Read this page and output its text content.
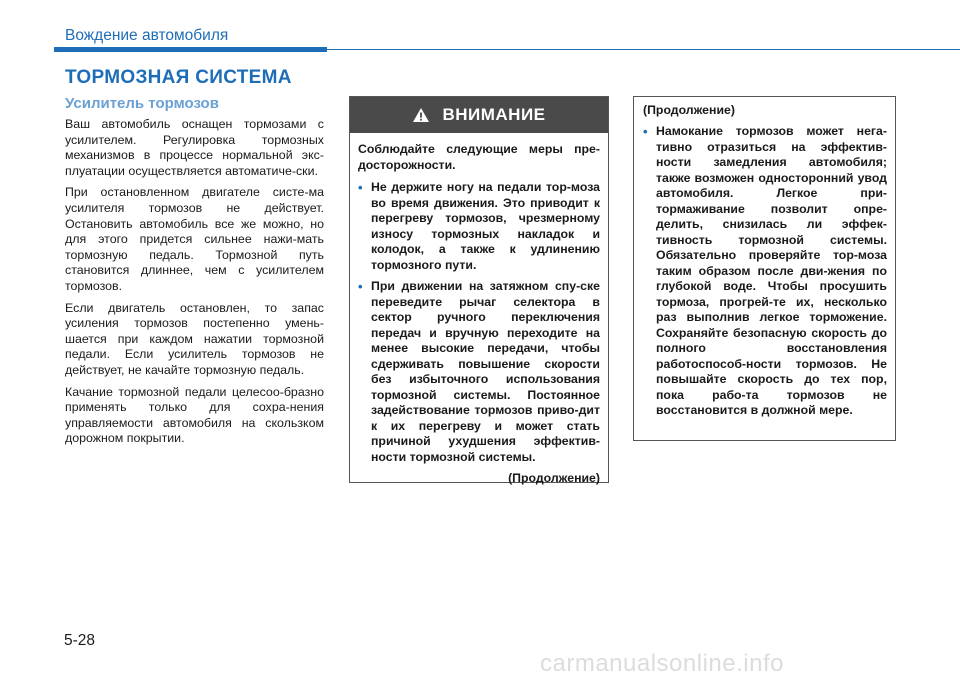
Вождение автомобиля
ТОРМОЗНАЯ СИСТЕМА
Усилитель тормозов

Ваш автомобиль оснащен тормозами с усилителем. Регулировка тормозных механизмов в процессе нормальной экс-плуатации осуществляется автоматиче-ски.

При остановленном двигателе систе-ма усилителя тормозов не действует. Остановить автомобиль все же можно, но для этого придется сильнее нажи-мать тормозную педаль. Тормозной путь становится длиннее, чем с усилителем тормозов.

Если двигатель остановлен, то запас усиления тормозов постепенно умень-шается при каждом нажатии тормозной педали. Если усилитель тормозов не действует, не качайте тормозную педаль.

Качание тормозной педали целесоо-бразно применять только для сохра-нения управляемости автомобиля на скользком дорожном покрытии.

ВНИМАНИЕ

Соблюдайте следующие меры пре-досторожности.

• Не держите ногу на педали тор-моза во время движения. Это приводит к перегреву тормозов, чрезмерному износу тормозных накладок и колодок, а также к удлинению тормозного пути.
• При движении на затяжном спу-ске переведите рычаг селектора в сектор ручного переключения передач и вручную переходите на менее высокие передачи, чтобы сдерживать повышение скорости без избыточного использования тормозной системы. Постоянное задействование тормозов приво-дит к их перегреву и может стать причиной ухудшения эффектив-ности тормозной системы.
(Продолжение)
(Продолжение)
• Намокание тормозов может нега-тивно отразиться на эффектив-ности замедления автомобиля; также возможен односторонний увод автомобиля. Легкое при-тормаживание позволит опре-делить, снизилась ли эффек-тивность тормозной системы. Обязательно проверяйте тор-моза таким образом после дви-жения по глубокой воде. Чтобы просушить тормоза, прогрей-те их, несколько раз выполнив легкое торможение. Сохраняйте безопасную скорость до полного восстановления работоспособ-ности тормозов. Не повышайте скорость до тех пор, пока рабо-та тормозов не восстановится в должной мере.
5-28
carmanualsonline.info
